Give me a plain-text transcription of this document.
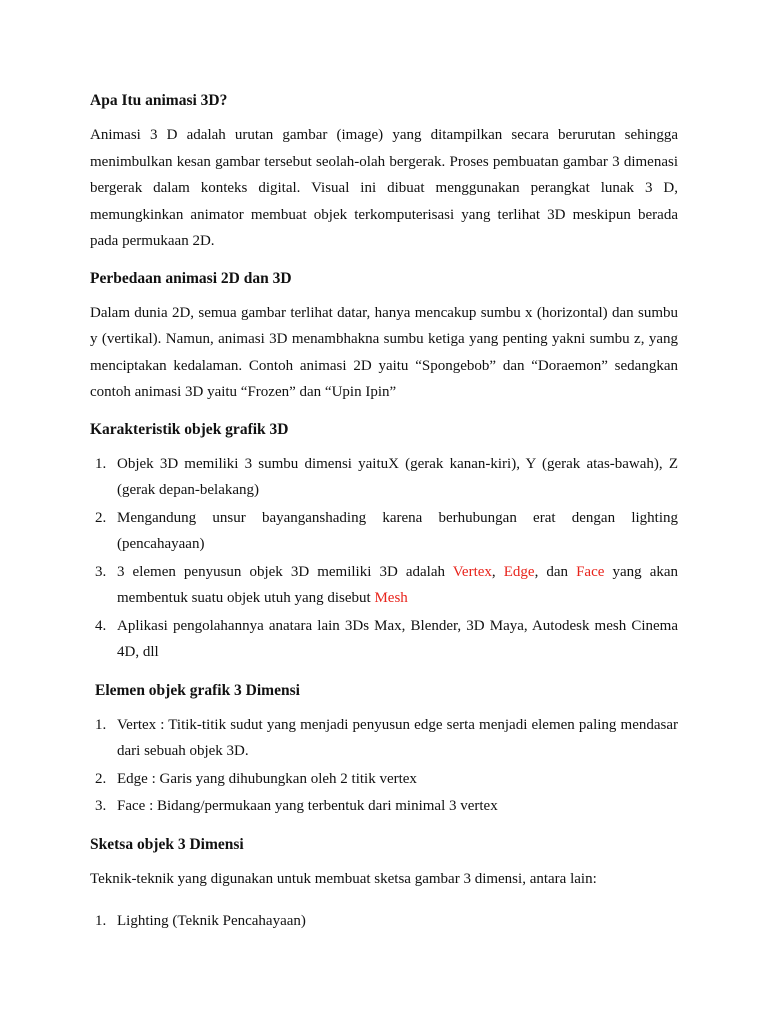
Apa Itu animasi 3D?

Animasi 3 D adalah urutan gambar (image) yang ditampilkan secara berurutan sehingga menimbulkan kesan gambar tersebut seolah-olah bergerak. Proses pembuatan gambar 3 dimenasi bergerak dalam konteks digital. Visual ini dibuat menggunakan perangkat lunak 3 D, memungkinkan animator membuat objek terkomputerisasi yang terlihat 3D meskipun berada pada permukaan 2D.

Perbedaan animasi 2D dan 3D

Dalam dunia 2D, semua gambar terlihat datar, hanya mencakup sumbu x (horizontal) dan sumbu y (vertikal). Namun, animasi 3D menambhakna sumbu ketiga yang penting yakni sumbu z, yang menciptakan kedalaman. Contoh animasi 2D yaitu “Spongebob” dan “Doraemon” sedangkan contoh animasi 3D yaitu “Frozen” dan “Upin Ipin”

Karakteristik objek grafik 3D
1. Objek 3D memiliki 3 sumbu dimensi yaituX (gerak kanan-kiri), Y (gerak atas-bawah), Z (gerak depan-belakang)
2. Mengandung unsur bayanganshading karena berhubungan erat dengan lighting (pencahayaan)
3. 3 elemen penyusun objek 3D memiliki 3D adalah Vertex, Edge, dan Face yang akan membentuk suatu objek utuh yang disebut Mesh
4. Aplikasi pengolahannya anatara lain 3Ds Max, Blender, 3D Maya, Autodesk mesh Cinema 4D, dll
Elemen objek grafik 3 Dimensi
1. Vertex : Titik-titik sudut yang menjadi penyusun edge serta menjadi elemen paling mendasar dari sebuah objek 3D.
2. Edge : Garis yang dihubungkan oleh 2 titik vertex
3. Face : Bidang/permukaan yang terbentuk dari minimal 3 vertex
Sketsa objek 3 Dimensi

Teknik-teknik yang digunakan untuk membuat sketsa gambar 3 dimensi, antara lain:

1. Lighting (Teknik Pencahayaan)
